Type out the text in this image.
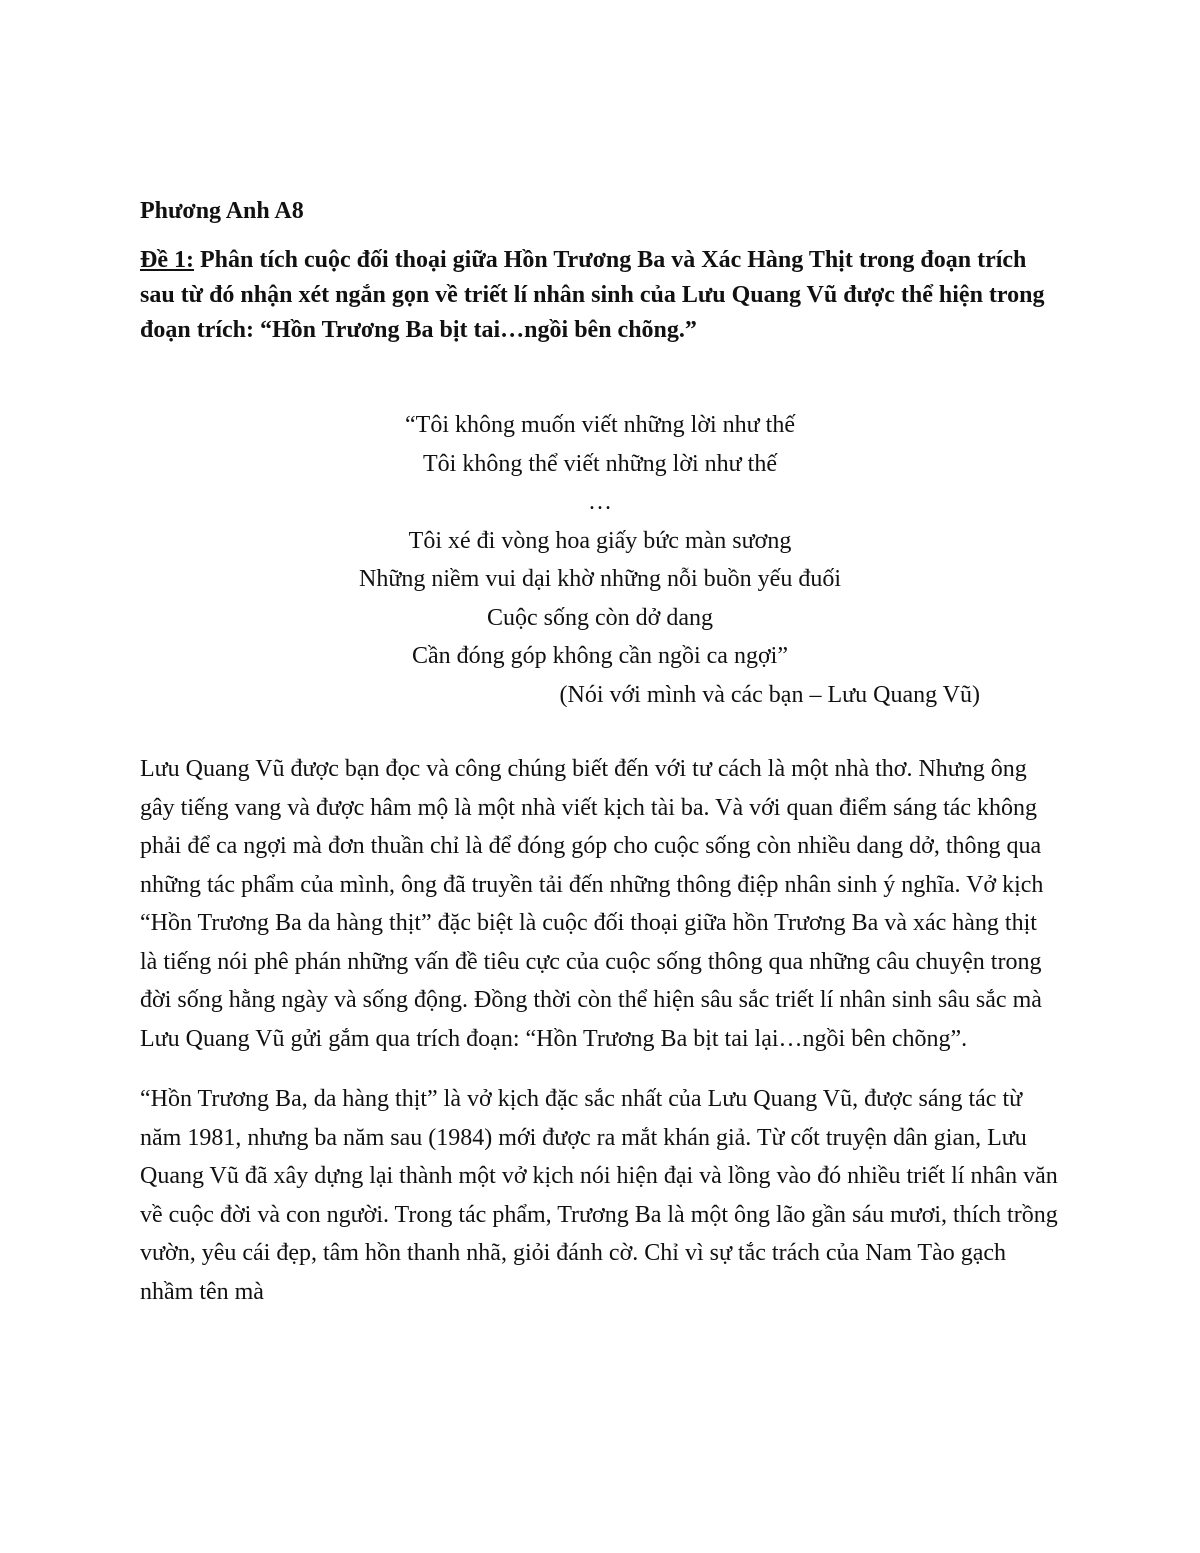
Phương Anh A8

Đề 1: Phân tích cuộc đối thoại giữa Hồn Trương Ba và Xác Hàng Thịt trong đoạn trích sau từ đó nhận xét ngắn gọn về triết lí nhân sinh của Lưu Quang Vũ được thể hiện trong đoạn trích: “Hồn Trương Ba bịt tai…ngồi bên chõng.”

“Tôi không muốn viết những lời như thế
Tôi không thể viết những lời như thế
…
Tôi xé đi vòng hoa giấy bức màn sương
Những niềm vui dại khờ những nỗi buồn yếu đuối
Cuộc sống còn dở dang
Cần đóng góp không cần ngồi ca ngợi”
(Nói với mình và các bạn – Lưu Quang Vũ)

Lưu Quang Vũ được bạn đọc và công chúng biết đến với tư cách là một nhà thơ. Nhưng ông gây tiếng vang và được hâm mộ là một nhà viết kịch tài ba. Và với quan điểm sáng tác không phải để ca ngợi mà đơn thuần chỉ là để đóng góp cho cuộc sống còn nhiều dang dở, thông qua những tác phẩm của mình, ông đã truyền tải đến những thông điệp nhân sinh ý nghĩa. Vở kịch “Hồn Trương Ba da hàng thịt” đặc biệt là cuộc đối thoại giữa hồn Trương Ba và xác hàng thịt là tiếng nói phê phán những vấn đề tiêu cực của cuộc sống thông qua những câu chuyện trong đời sống hằng ngày và sống động. Đồng thời còn thể hiện sâu sắc triết lí nhân sinh sâu sắc mà Lưu Quang Vũ gửi gắm qua trích đoạn: “Hồn Trương Ba bịt tai lại…ngồi bên chõng”.

“Hồn Trương Ba, da hàng thịt” là vở kịch đặc sắc nhất của Lưu Quang Vũ, được sáng tác từ năm 1981, nhưng ba năm sau (1984) mới được ra mắt khán giả. Từ cốt truyện dân gian, Lưu Quang Vũ đã xây dựng lại thành một vở kịch nói hiện đại và lồng vào đó nhiều triết lí nhân văn về cuộc đời và con người. Trong tác phẩm, Trương Ba là một ông lão gần sáu mươi, thích trồng vườn, yêu cái đẹp, tâm hồn thanh nhã, giỏi đánh cờ. Chỉ vì sự tắc trách của Nam Tào gạch nhầm tên mà
